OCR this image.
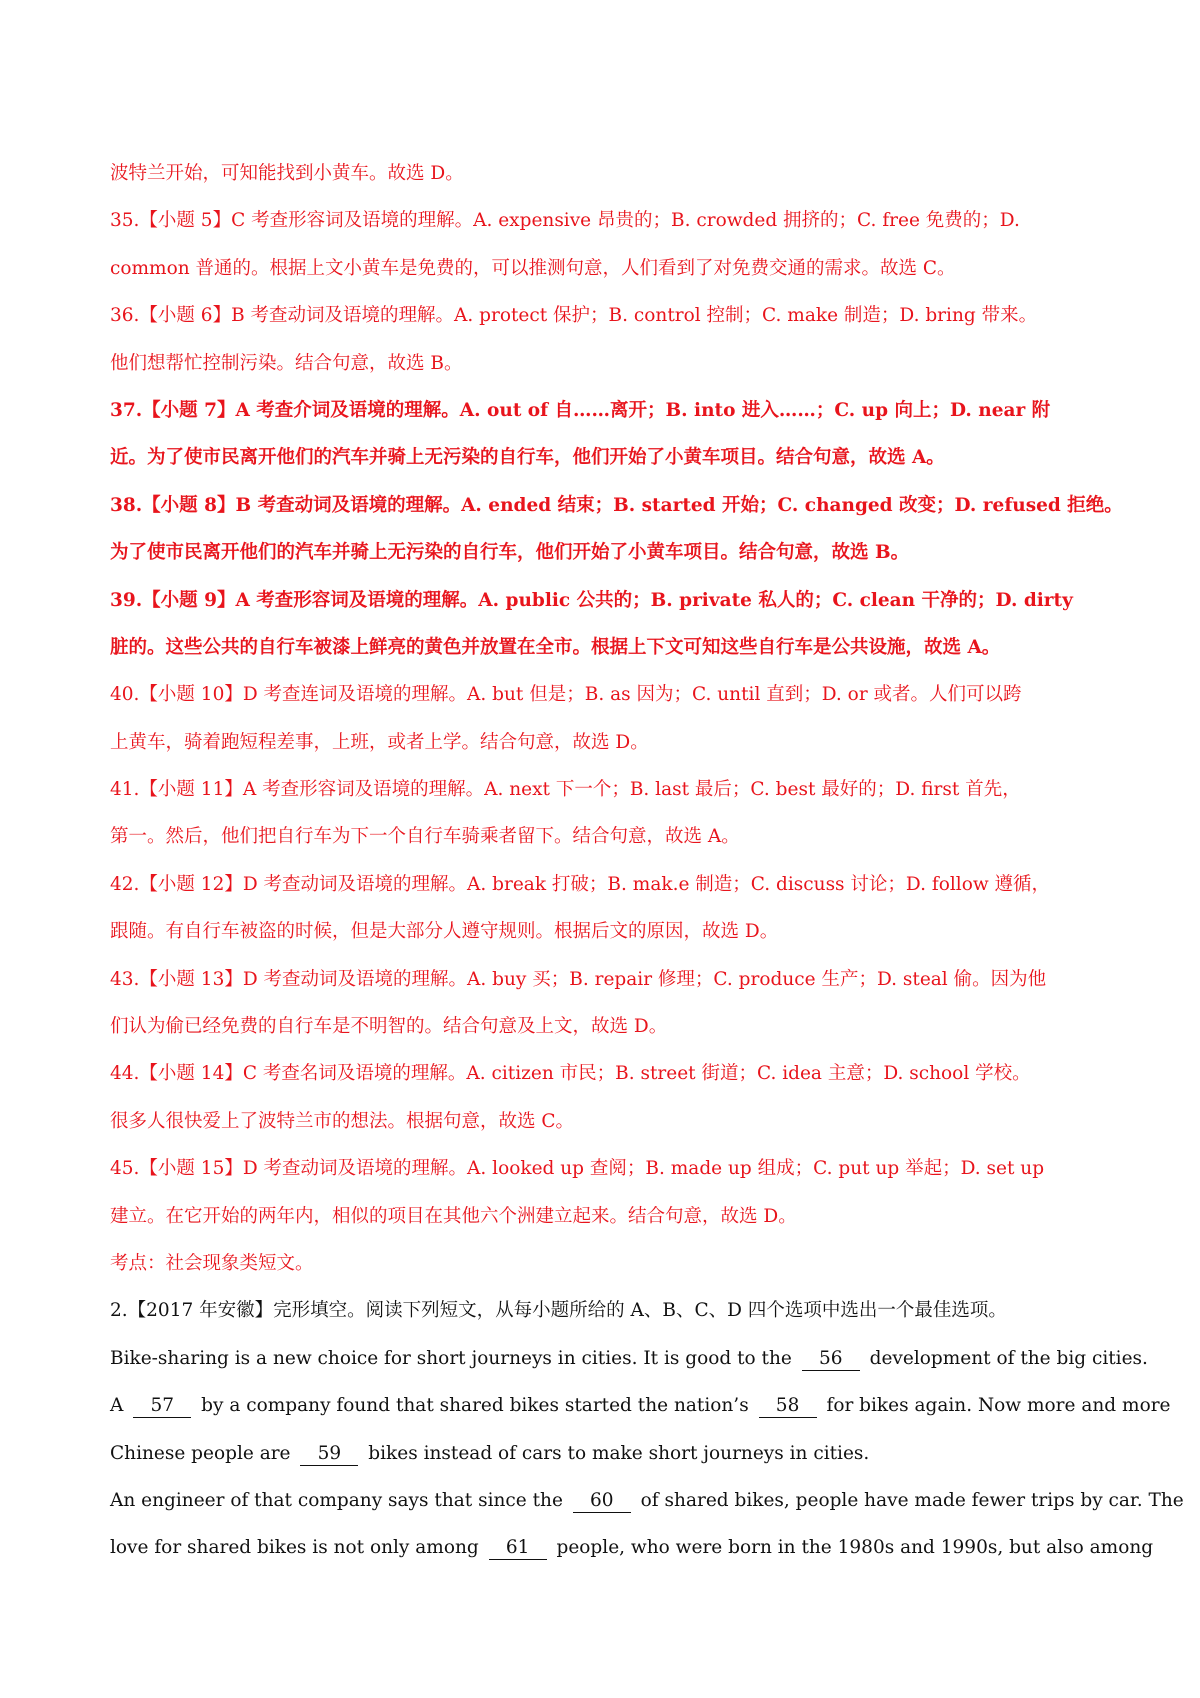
波特兰开始，可知能找到小黄车。故选 D。
35.【小题 5】C 考查形容词及语境的理解。A. expensive 昂贵的；B. crowded 拥挤的；C. free 免费的；D.
common 普通的。根据上文小黄车是免费的，可以推测句意，人们看到了对免费交通的需求。故选 C。
36.【小题 6】B 考查动词及语境的理解。A. protect 保护；B. control 控制；C. make 制造；D. bring 带来。
他们想帮忙控制污染。结合句意，故选 B。
37.【小题 7】A 考查介词及语境的理解。A. out of 自……离开；B. into 进入……；C. up 向上；D. near 附
近。为了使市民离开他们的汽车并骑上无污染的自行车，他们开始了小黄车项目。结合句意，故选 A。
38.【小题 8】B 考查动词及语境的理解。A. ended 结束；B. started 开始；C. changed 改变；D. refused 拒绝。
为了使市民离开他们的汽车并骑上无污染的自行车，他们开始了小黄车项目。结合句意，故选 B。
39.【小题 9】A 考查形容词及语境的理解。A. public 公共的；B. private 私人的；C. clean 干净的；D. dirty
脏的。这些公共的自行车被漆上鲜亮的黄色并放置在全市。根据上下文可知这些自行车是公共设施，故选 A。
40.【小题 10】D 考查连词及语境的理解。A. but 但是；B. as 因为；C. until 直到；D. or 或者。人们可以跨
上黄车，骑着跑短程差事，上班，或者上学。结合句意，故选 D。
41.【小题 11】A 考查形容词及语境的理解。A. next 下一个；B. last 最后；C. best 最好的；D. first 首先，
第一。然后，他们把自行车为下一个自行车骑乘者留下。结合句意，故选 A。
42.【小题 12】D 考查动词及语境的理解。A. break 打破；B. mak.e 制造；C. discuss 讨论；D. follow 遵循，
跟随。有自行车被盗的时候，但是大部分人遵守规则。根据后文的原因，故选 D。
43.【小题 13】D 考查动词及语境的理解。A. buy 买；B. repair 修理；C. produce 生产；D. steal 偷。因为他
们认为偷已经免费的自行车是不明智的。结合句意及上文，故选 D。
44.【小题 14】C 考查名词及语境的理解。A. citizen 市民；B. street 街道；C. idea 主意；D. school 学校。
很多人很快爱上了波特兰市的想法。根据句意，故选 C。
45.【小题 15】D 考查动词及语境的理解。A. looked up 查阅；B. made up 组成；C. put up 举起；D. set up
建立。在它开始的两年内，相似的项目在其他六个洲建立起来。结合句意，故选 D。
考点：社会现象类短文。
2.【2017 年安徽】完形填空。阅读下列短文，从每小题所给的 A、B、C、D 四个选项中选出一个最佳选项。
Bike-sharing is a new choice for short journeys in cities. It is good to the 56 development of the big cities.
A 57 by a company found that shared bikes started the nation’s 58 for bikes again. Now more and more
Chinese people are 59 bikes instead of cars to make short journeys in cities.
An engineer of that company says that since the 60 of shared bikes, people have made fewer trips by car. The
love for shared bikes is not only among 61 people, who were born in the 1980s and 1990s, but also among
